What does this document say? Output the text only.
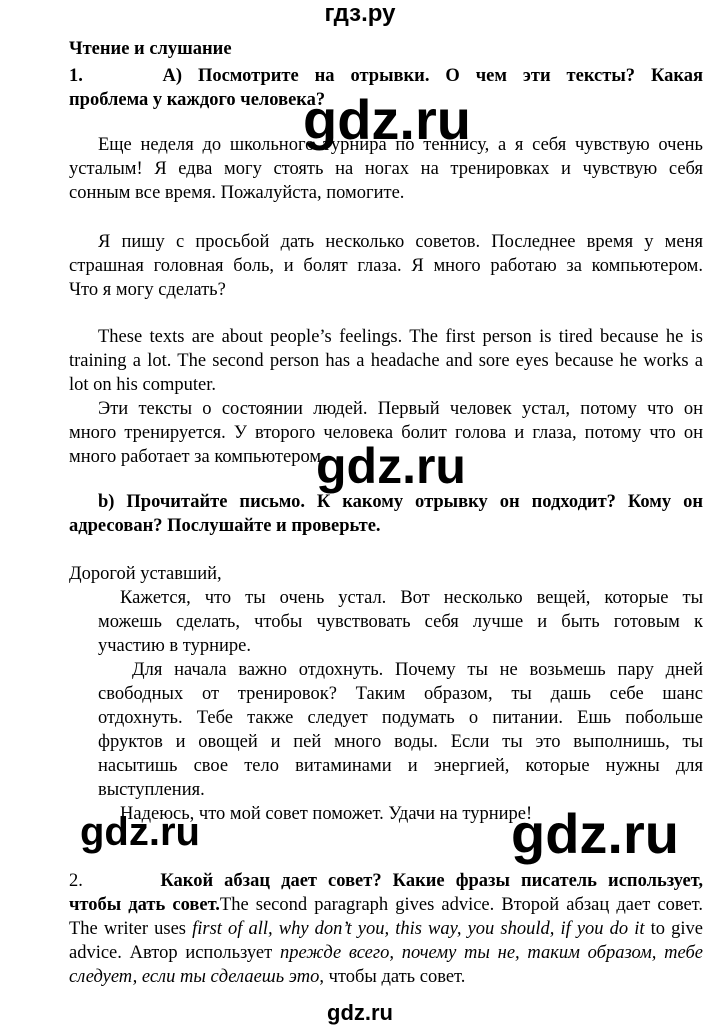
гдз.ру
Чтение и слушание
1.	А) Посмотрите на отрывки. О чем эти тексты? Какая
проблема у каждого человека?
Еще неделя до школьного турнира по теннису, а я себя чувствую очень
усталым! Я едва могу стоять на ногах на тренировках и чувствую себя
сонным все время. Пожалуйста, помогите.
Я пишу с просьбой дать несколько советов. Последнее время у меня
страшная головная боль, и болят глаза. Я много работаю за компьютером.
Что я могу сделать?
These texts are about people’s feelings. The first person is tired because he is
training a lot. The second person has a headache and sore eyes because he works a
lot on his computer.
Эти тексты о состоянии людей. Первый человек устал, потому что он
много тренируется. У второго человека болит голова и глаза, потому что он
много работает за компьютером.
b) Прочитайте письмо. К какому отрывку он подходит? Кому он
адресован? Послушайте и проверьте.
Дорогой уставший,
Кажется, что ты очень устал. Вот несколько вещей, которые ты
можешь сделать, чтобы чувствовать себя лучше и быть готовым к
участию в турнире.
Для начала важно отдохнуть. Почему ты не возьмешь пару дней
свободных от тренировок? Таким образом, ты дашь себе шанс
отдохнуть. Тебе также следует подумать о питании. Ешь побольше
фруктов и овощей и пей много воды. Если ты это выполнишь, ты
насытишь свое тело витаминами и энергией, которые нужны для
выступления.
Надеюсь, что мой совет поможет. Удачи на турнире!
2.	Какой абзац дает совет? Какие фразы писатель использует,
чтобы дать совет.The second paragraph gives advice. Второй абзац дает совет.
The writer uses first of all, why don’t you, this way, you should, if you do it to give
advice. Автор использует прежде всего, почему ты не, таким образом, тебе
следует, если ты сделаешь это, чтобы дать совет.
gdz.ru
gdz.ru
gdz.ru	gdz.ru
gdz.ru
